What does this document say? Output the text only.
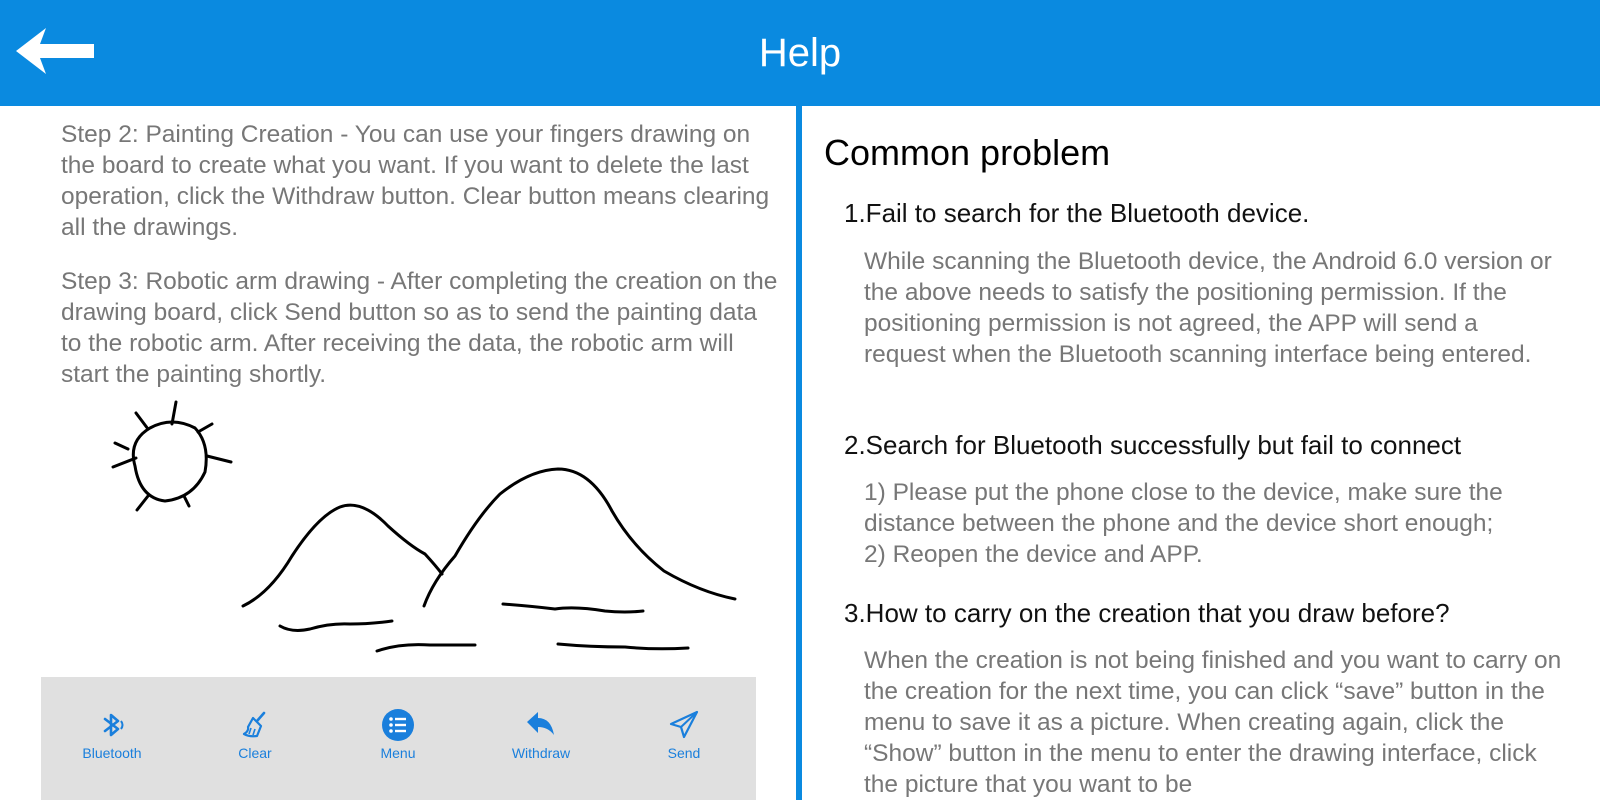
Help

Step 2: Painting Creation - You can use your fingers drawing on the board to create what you want. If you want to delete the last operation, click the Withdraw button. Clear button means clearing all the drawings.

Step 3: Robotic arm drawing - After completing the creation on the drawing board, click Send button so as to send the painting data to the robotic arm. After receiving the data, the robotic arm will start the painting shortly.

Bluetooth	Clear	Menu	Withdraw	Send
Common problem
1.Fail to search for the Bluetooth device.

While scanning the Bluetooth device, the Android 6.0 version or the above needs to satisfy the positioning permission. If the positioning permission is not agreed, the APP will send a request when the Bluetooth scanning interface being entered.

2.Search for Bluetooth successfully but fail to connect
1) Please put the phone close to the device, make sure the distance between the phone and the device short enough;
2) Reopen the device and APP.
3.How to carry on the creation that you draw before?

When the creation is not being finished and you want to carry on the creation for the next time, you can click “save” button in the menu to save it as a picture. When creating again, click the “Show” button in the menu to enter the drawing interface, click the picture that you want to be
